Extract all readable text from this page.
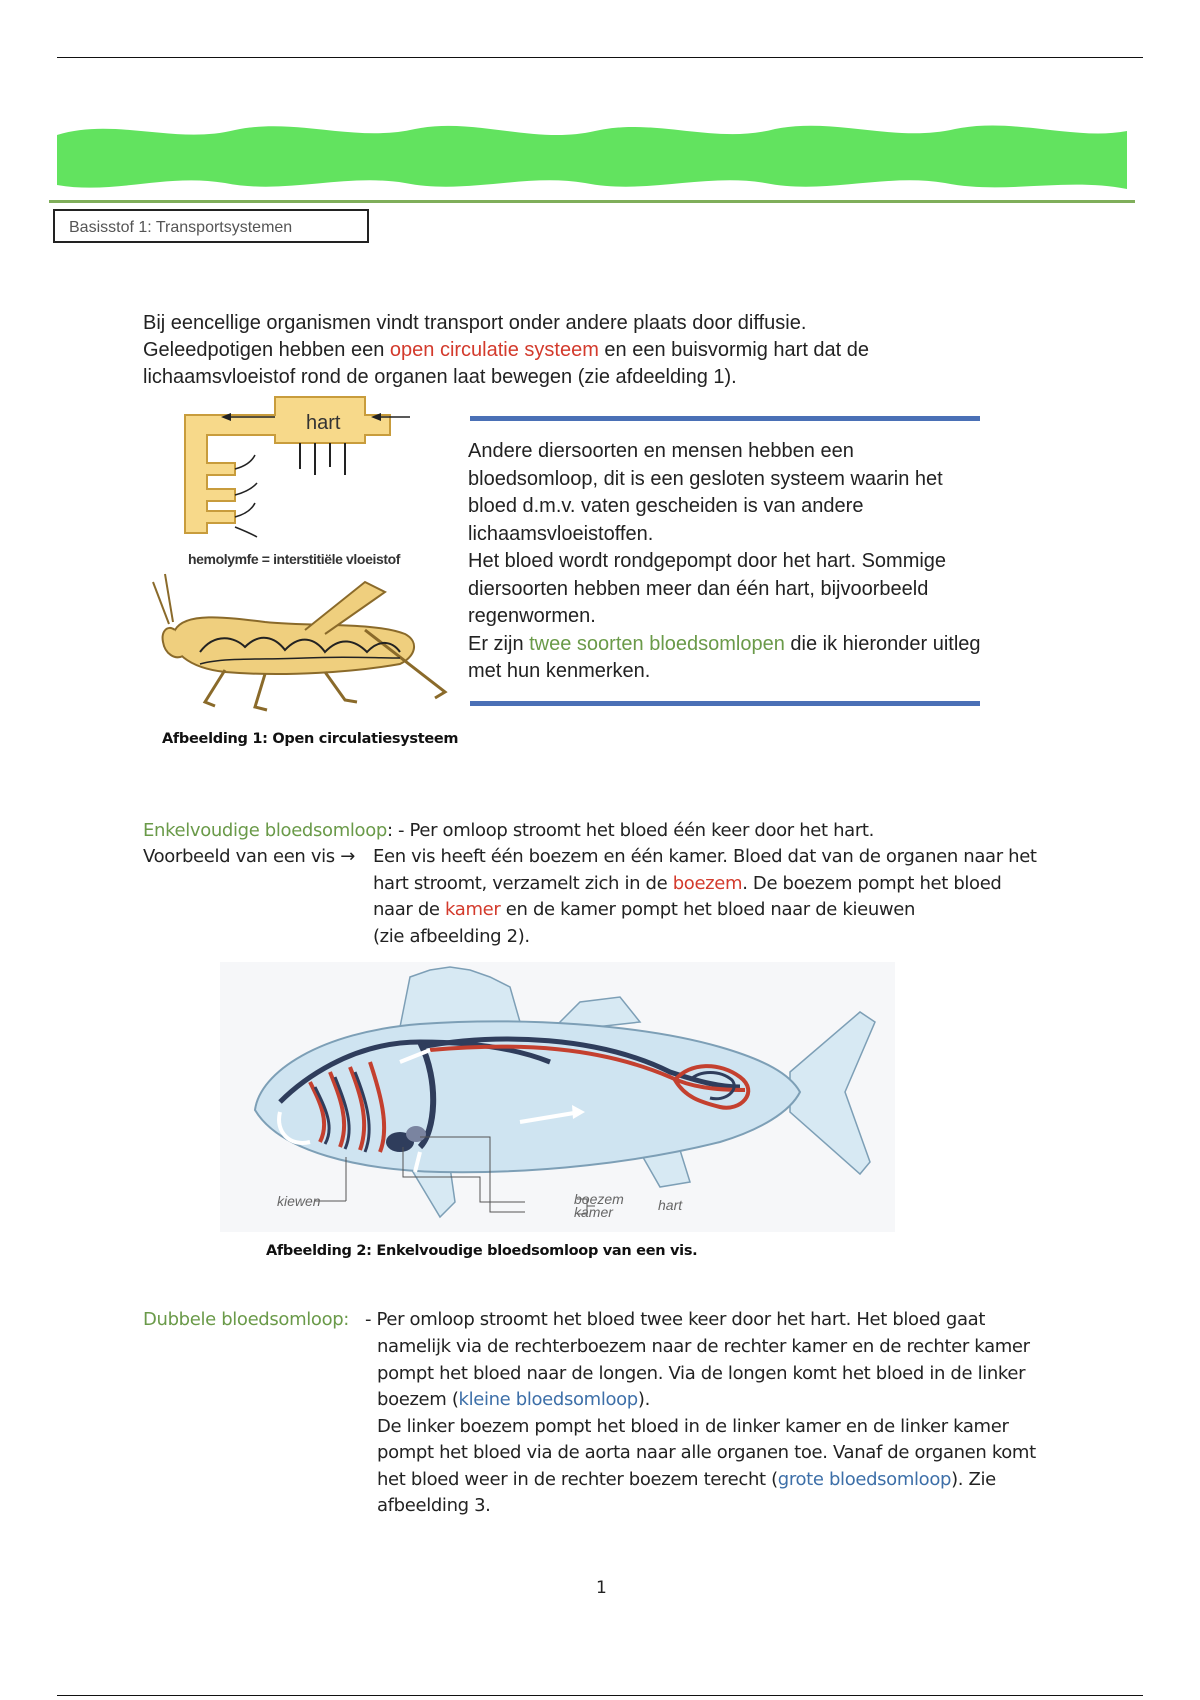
Basisstof 1: Transportsystemen

Bij eencellige organismen vindt transport onder andere plaats door diffusie.

Geleedpotigen hebben een open circulatie systeem en een buisvormig hart dat de

lichaamsvloeistof rond de organen laat bewegen (zie afdeelding 1).

hart
hemolymfe = interstitiële vloeistof
Afbeelding 1: Open circulatiesysteem

Andere diersoorten en mensen hebben een bloedsomloop, dit is een gesloten systeem waarin het bloed d.m.v. vaten gescheiden is van andere lichaamsvloeistoffen.

Het bloed wordt rondgepompt door het hart. Sommige diersoorten hebben meer dan één hart, bijvoorbeeld regenwormen.

Er zijn twee soorten bloedsomlopen die ik hieronder uitleg met hun kenmerken.

Enkelvoudige bloedsomloop: - Per omloop stroomt het bloed één keer door het hart.
Voorbeeld van een vis → Een vis heeft één boezem en één kamer. Bloed dat van de organen naar het

hart stroomt, verzamelt zich in de boezem. De boezem pompt het bloed

naar de kamer en de kamer pompt het bloed naar de kieuwen

(zie afbeelding 2).

kiewen	boezem
kamer	hart
Afbeelding 2: Enkelvoudige bloedsomloop van een vis.
Dubbele bloedsomloop: - Per omloop stroomt het bloed twee keer door het hart. Het bloed gaat

namelijk via de rechterboezem naar de rechter kamer en de rechter kamer

pompt het bloed naar de longen. Via de longen komt het bloed in de linker

boezem (kleine bloedsomloop).

De linker boezem pompt het bloed in de linker kamer en de linker kamer

pompt het bloed via de aorta naar alle organen toe. Vanaf de organen komt

het bloed weer in de rechter boezem terecht (grote bloedsomloop). Zie

afbeelding 3.

1
